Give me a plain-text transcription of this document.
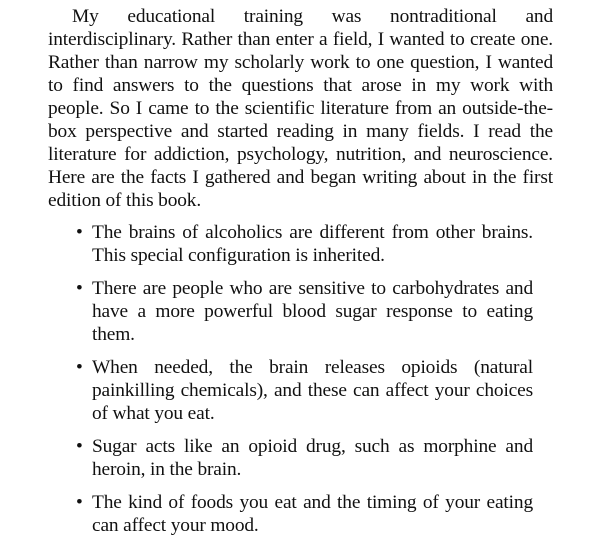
My educational training was nontraditional and interdisciplinary. Rather than enter a field, I wanted to create one. Rather than narrow my scholarly work to one question, I wanted to find answers to the questions that arose in my work with people. So I came to the scientific literature from an outside-the-box perspective and started reading in many fields. I read the literature for addiction, psychology, nutrition, and neuroscience. Here are the facts I gathered and began writing about in the first edition of this book.

• The brains of alcoholics are different from other brains. This special configuration is inherited.
• There are people who are sensitive to carbohydrates and have a more powerful blood sugar response to eating them.
• When needed, the brain releases opioids (natural painkilling chemicals), and these can affect your choices of what you eat.
• Sugar acts like an opioid drug, such as morphine and heroin, in the brain.
• The kind of foods you eat and the timing of your eating can affect your mood.
